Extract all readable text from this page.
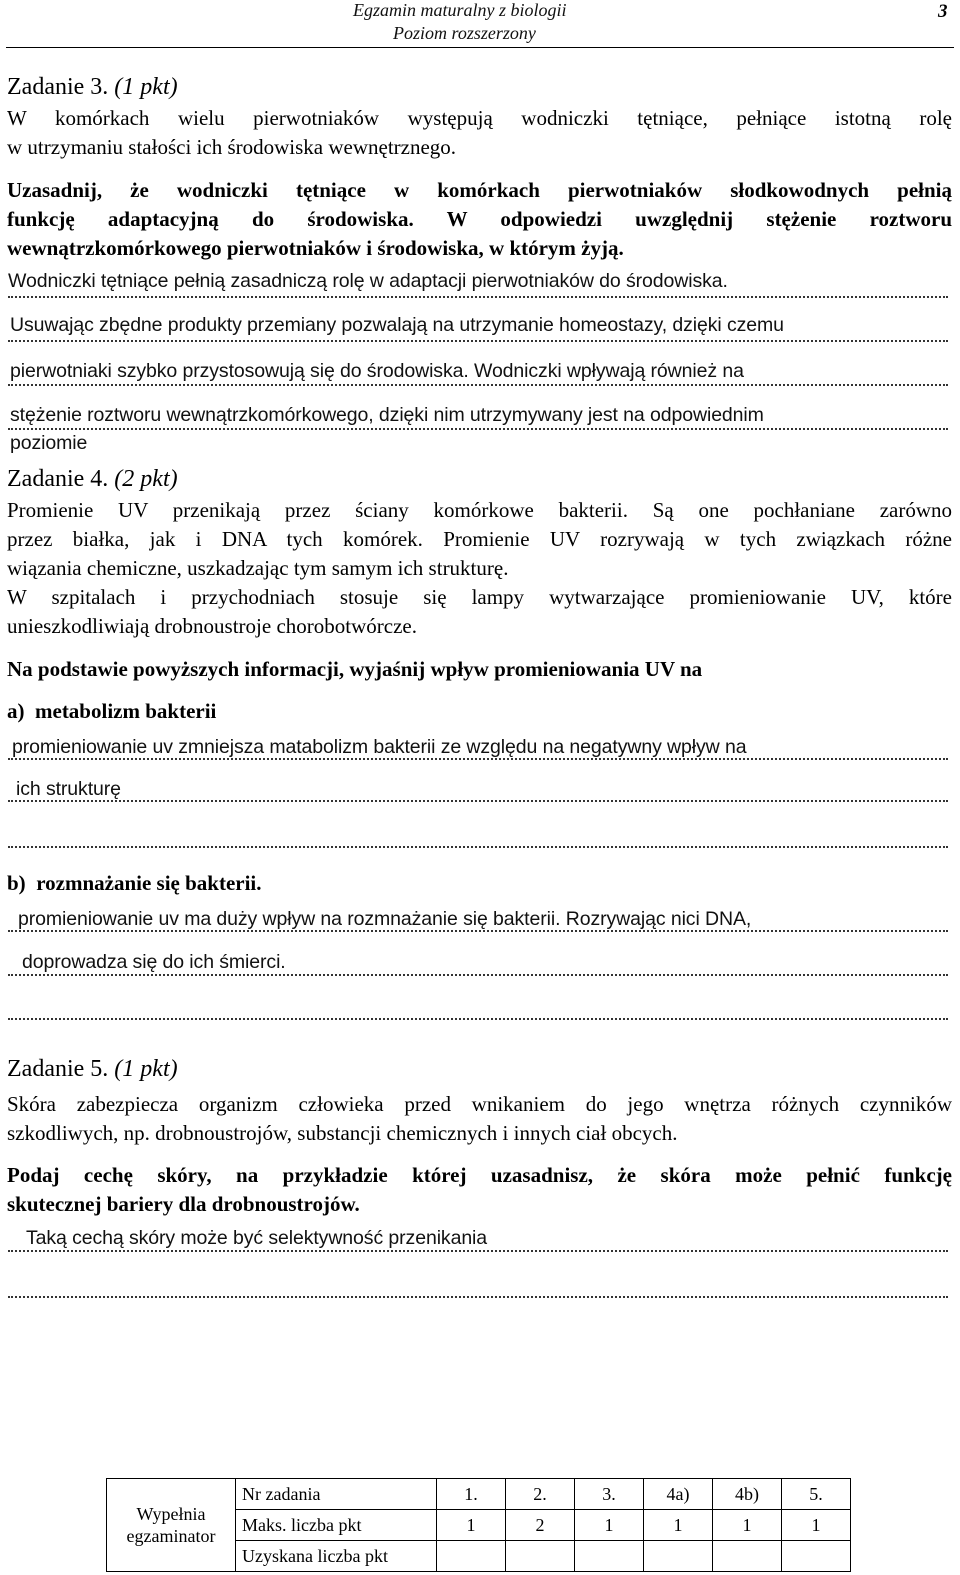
Egzamin maturalny z biologii
Poziom rozszerzony
3
Zadanie 3. (1 pkt)
W komórkach wielu pierwotniaków występują wodniczki tętniące, pełniące istotną rolę
w utrzymaniu stałości ich środowiska wewnętrznego.
Uzasadnij, że wodniczki tętniące w komórkach pierwotniaków słodkowodnych pełnią
funkcję adaptacyjną do środowiska. W odpowiedzi uwzględnij stężenie roztworu
wewnątrzkomórkowego pierwotniaków i środowiska, w którym żyją.
Wodniczki tętniące pełnią zasadniczą rolę w adaptacji pierwotniaków do środowiska.
Usuwając zbędne produkty przemiany pozwalają na utrzymanie homeostazy, dzięki czemu
pierwotniaki szybko przystosowują się do środowiska. Wodniczki wpływają również na
stężenie roztworu wewnątrzkomórkowego, dzięki nim utrzymywany jest na odpowiednim
poziomie
Zadanie 4. (2 pkt)
Promienie UV przenikają przez ściany komórkowe bakterii. Są one pochłaniane zarówno
przez białka, jak i DNA tych komórek. Promienie UV rozrywają w tych związkach różne
wiązania chemiczne, uszkadzając tym samym ich strukturę.
W szpitalach i przychodniach stosuje się lampy wytwarzające promieniowanie UV, które
unieszkodliwiają drobnoustroje chorobotwórcze.
Na podstawie powyższych informacji, wyjaśnij wpływ promieniowania UV na
a) metabolizm bakterii
promieniowanie uv zmniejsza matabolizm bakterii ze względu na negatywny wpływ na
ich strukturę
b) rozmnażanie się bakterii.
promieniowanie uv ma duży wpływ na rozmnażanie się bakterii. Rozrywając nici DNA,
doprowadza się do ich śmierci.
Zadanie 5. (1 pkt)
Skóra zabezpiecza organizm człowieka przed wnikaniem do jego wnętrza różnych czynników
szkodliwych, np. drobnoustrojów, substancji chemicznych i innych ciał obcych.
Podaj cechę skóry, na przykładzie której uzasadnisz, że skóra może pełnić funkcję
skutecznej bariery dla drobnoustrojów.
Taką cechą skóry może być selektywność przenikania
Wypełnia
egzaminator	Nr zadania	1.	2.	3.	4a)	4b)	5.
	Maks. liczba pkt	1	2	1	1	1	1
	Uzyskana liczba pkt						
